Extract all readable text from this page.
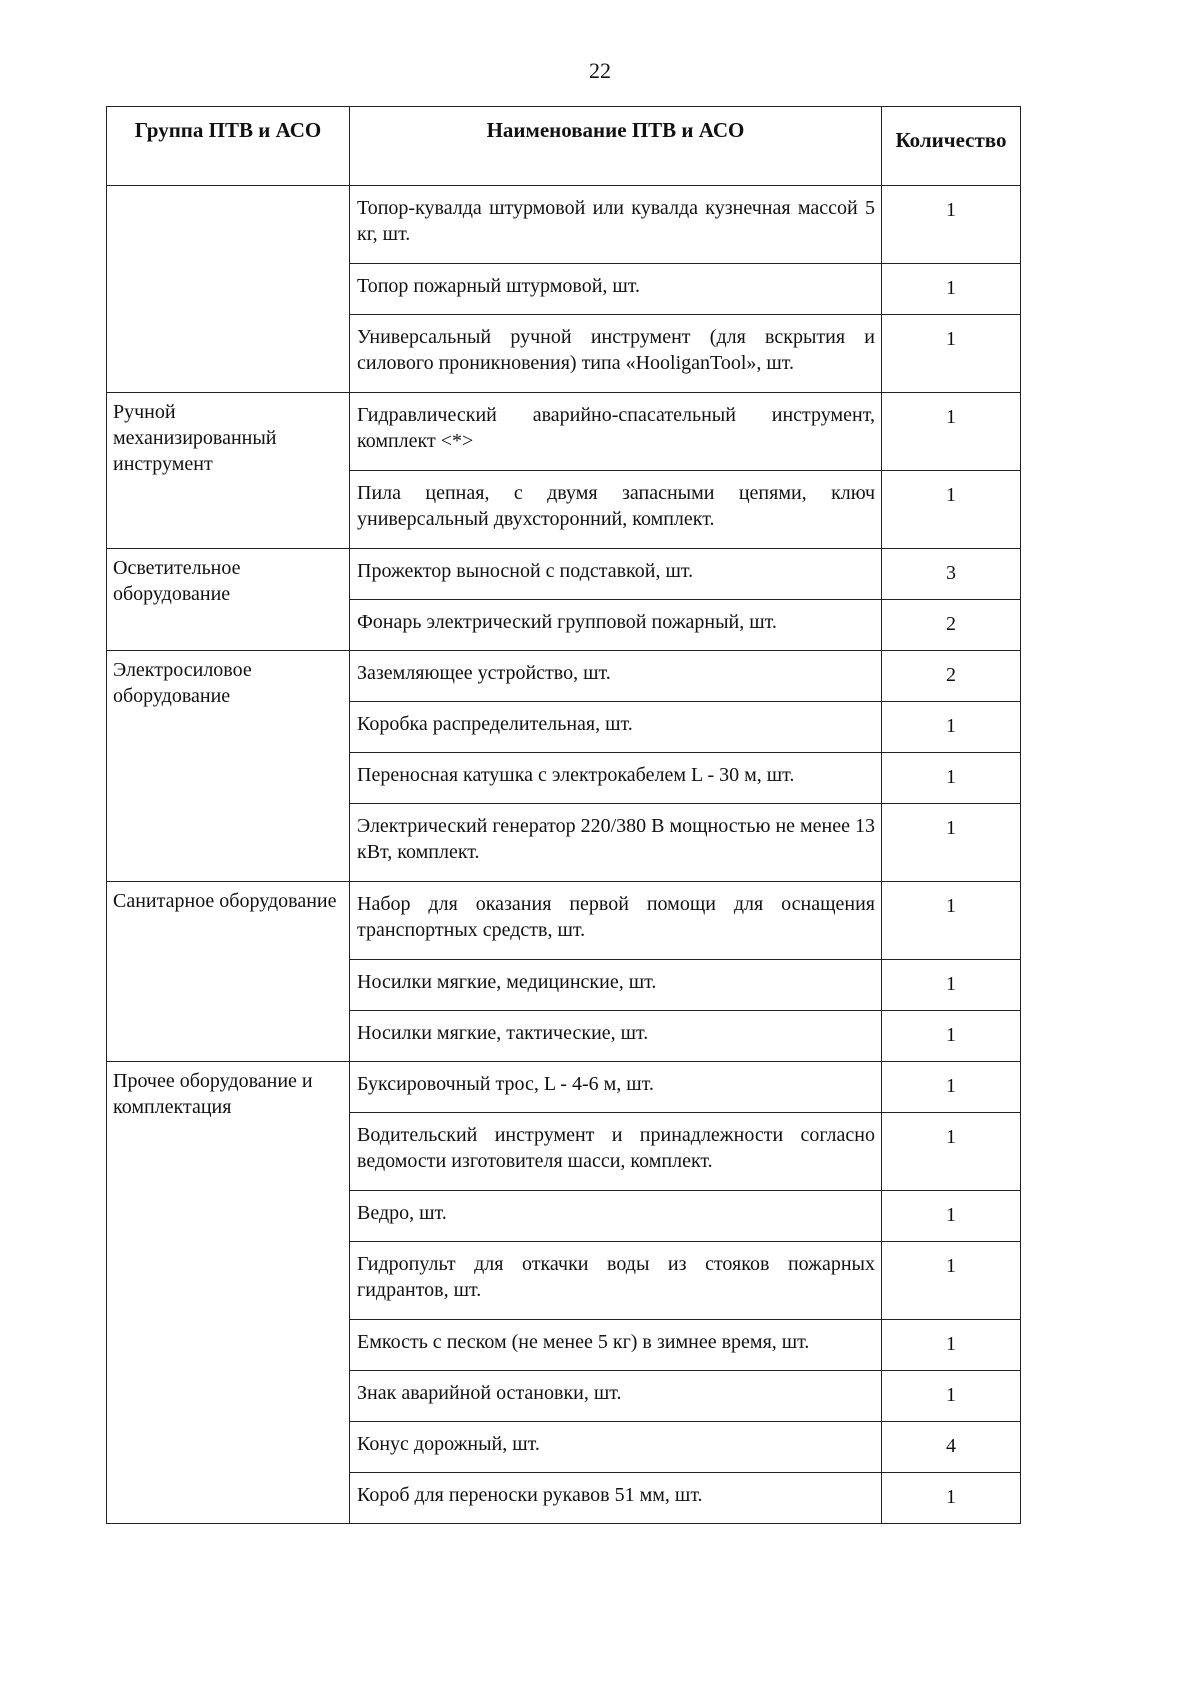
22
Группа ПТВ и АСО	Наименование ПТВ и АСО	Количество
	Топор-кувалда штурмовой или кувалда кузнечная массой 5 кг, шт.	1
	Топор пожарный штурмовой, шт.	1
	Универсальный ручной инструмент (для вскрытия и силового проникновения) типа «HooliganTool», шт.	1
Ручной механизированный инструмент	Гидравлический аварийно-спасательный инструмент, комплект <*>	1
	Пила цепная, с двумя запасными цепями, ключ универсальный двухсторонний, комплект.	1
Осветительное оборудование	Прожектор выносной с подставкой, шт.	3
	Фонарь электрический групповой пожарный, шт.	2
Электросиловое оборудование	Заземляющее устройство, шт.	2
	Коробка распределительная, шт.	1
	Переносная катушка с электрокабелем L - 30 м, шт.	1
	Электрический генератор 220/380 В мощностью не менее 13 кВт, комплект.	1
Санитарное оборудование	Набор для оказания первой помощи для оснащения транспортных средств, шт.	1
	Носилки мягкие, медицинские, шт.	1
	Носилки мягкие, тактические, шт.	1
Прочее оборудование и комплектация	Буксировочный трос, L - 4-6 м, шт.	1
	Водительский инструмент и принадлежности согласно ведомости изготовителя шасси, комплект.	1
	Ведро, шт.	1
	Гидропульт для откачки воды из стояков пожарных гидрантов, шт.	1
	Емкость с песком (не менее 5 кг) в зимнее время, шт.	1
	Знак аварийной остановки, шт.	1
	Конус дорожный, шт.	4
	Короб для переноски рукавов 51 мм, шт.	1
